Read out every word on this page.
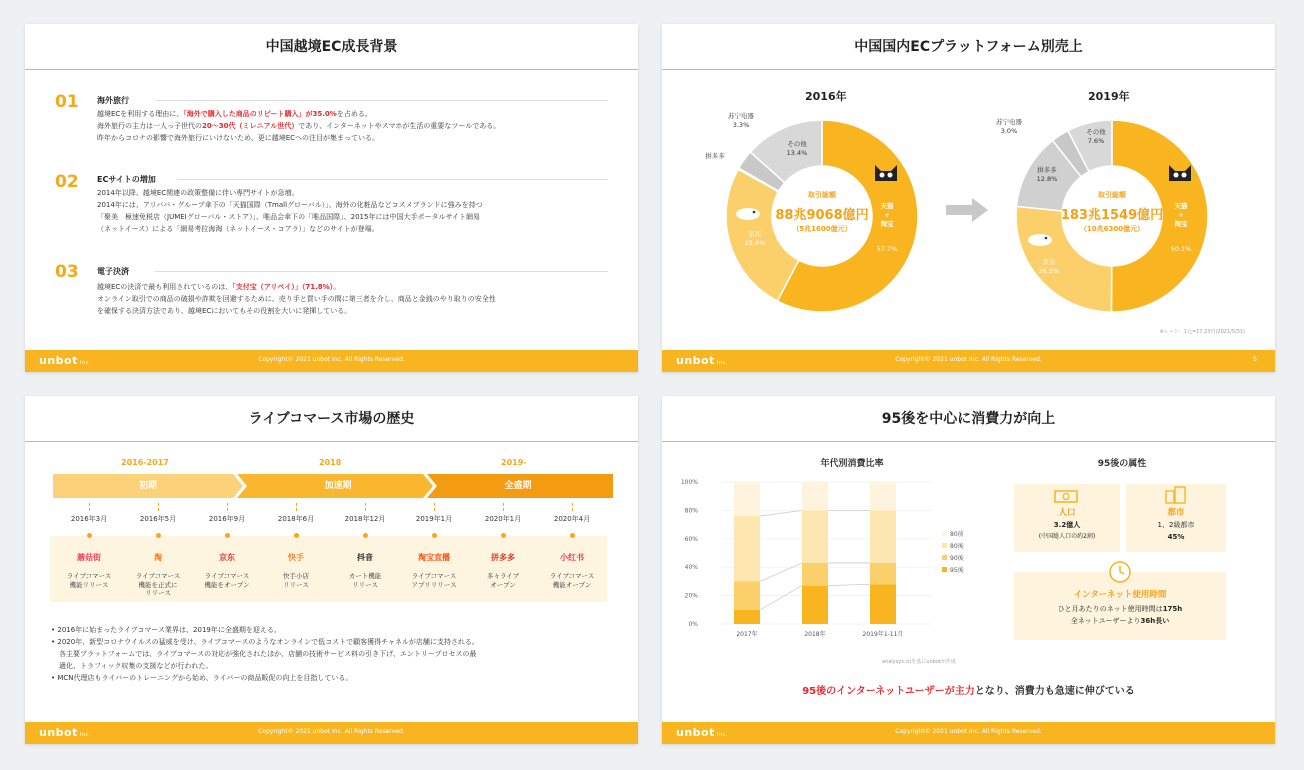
中国越境EC成長背景
01 海外旅行
越境ECを利用する理由に、「海外で購入した商品のリピート購入」が35.0%を占める。
海外旅行の主力は一人っ子世代の20～30代（ミレニアル世代）であり、インターネットやスマホが生活の重要なツールである。
昨年からコロナの影響で海外旅行にいけないため、更に越境ECへの注目が集まっている。
02 ECサイトの増加
2014年以降、越境EC関連の政策整備に伴い専門サイトが急増。
2014年には、アリババ・グループ傘下の「天猫国際（Tmallグローバル）」、海外の化粧品などコスメブランドに強みを持つ
「聚美　極速免税店（JUMEIグローバル・ストア）」、唯品会傘下の「唯品国際」、2015年には中国大手ポータルサイト網易
（ネットイース）による「網易考拉海淘（ネットイース・コアラ）」などのサイトが登場。
03 電子決済
越境ECの決済で最も利用されているのは、「支付宝（アリペイ）」（71.8%）。
オンライン取引での商品の破損や詐欺を回避するために、売り手と買い手の間に第三者を介し、商品と金銭のやり取りの安全性
を確保する決済方法であり、越境ECにおいてもその役割を大いに発揮している。
unbot Inc.	Copyright© 2021 unbot Inc. All Rights Reserved.
中国国内ECプラットフォーム別売上
2016年	2019年
取引総額
88兆9068億円
（5兆1600億元）
天猫
+
淘宝
57.7%
京东
25.4%
拼多多
苏宁电器
3.3%
その他
13.4%
取引総額
183兆1549億円
（10兆6300億元）
天猫
+
淘宝
50.1%
京东
26.5%
拼多多
12.8%
苏宁电器
3.0%	その他
7.6%
※レート：1元=17.23円(2021/5/31)
unbot Inc.	Copyright© 2021 unbot Inc. All Rights Reserved.	5
ライブコマース市場の歴史
2016-2017	2018	2019-
初期	加速期	全盛期
• 2016年に始まったライブコマース業界は、2019年に全盛期を迎える。
• 2020年、新型コロナウイルスの猛威を受け、ライブコマースのようなオンラインで低コストで顧客獲得チャネルが店舗に支持される。
各主要プラットフォームでは、ライブコマースの対応が強化されたほか、店舗の技術サービス料の引き下げ、エントリープロセスの最
適化、トラフィック収集の支援などが行われた。
• MCN代理店もライバーのトレーニングから始め、ライバーの商品販促の向上を目指している。
unbot Inc.	Copyright© 2021 unbot Inc. All Rights Reserved.
2016年3月
蘑菇街
ライブコマース
機能リリース
2016年5月
淘
ライブコマース
機能を正式に
リリース
2016年9月
京东
ライブコマース
機能をオープン
2018年6月
快手
快手小店
リリース
2018年12月
抖音
カート機能
リリース
2019年1月
淘宝直播
ライブコマース
アプリリリース
2020年1月
拼多多
多々ライブ
オープン
2020年4月
小红书
ライブコマース
機能オープン
95後を中心に消費力が向上
年代別消費比率
0%
20%
40%
60%
80%
100%
2017年	2018年	2019年1-11月
80前
80後
90後
95後
analysys.cnを基にunbotが作成
95後の属性
人口
3.2億人
(中国総人口の約2割)
都市
1、2級都市
45%
インターネット使用時間
ひと月あたりのネット使用時間は175h
全ネットユーザーより36h長い
95後のインターネットユーザーが主力となり、消費力も急速に伸びている
unbot Inc.	Copyright© 2021 unbot Inc. All Rights Reserved.
